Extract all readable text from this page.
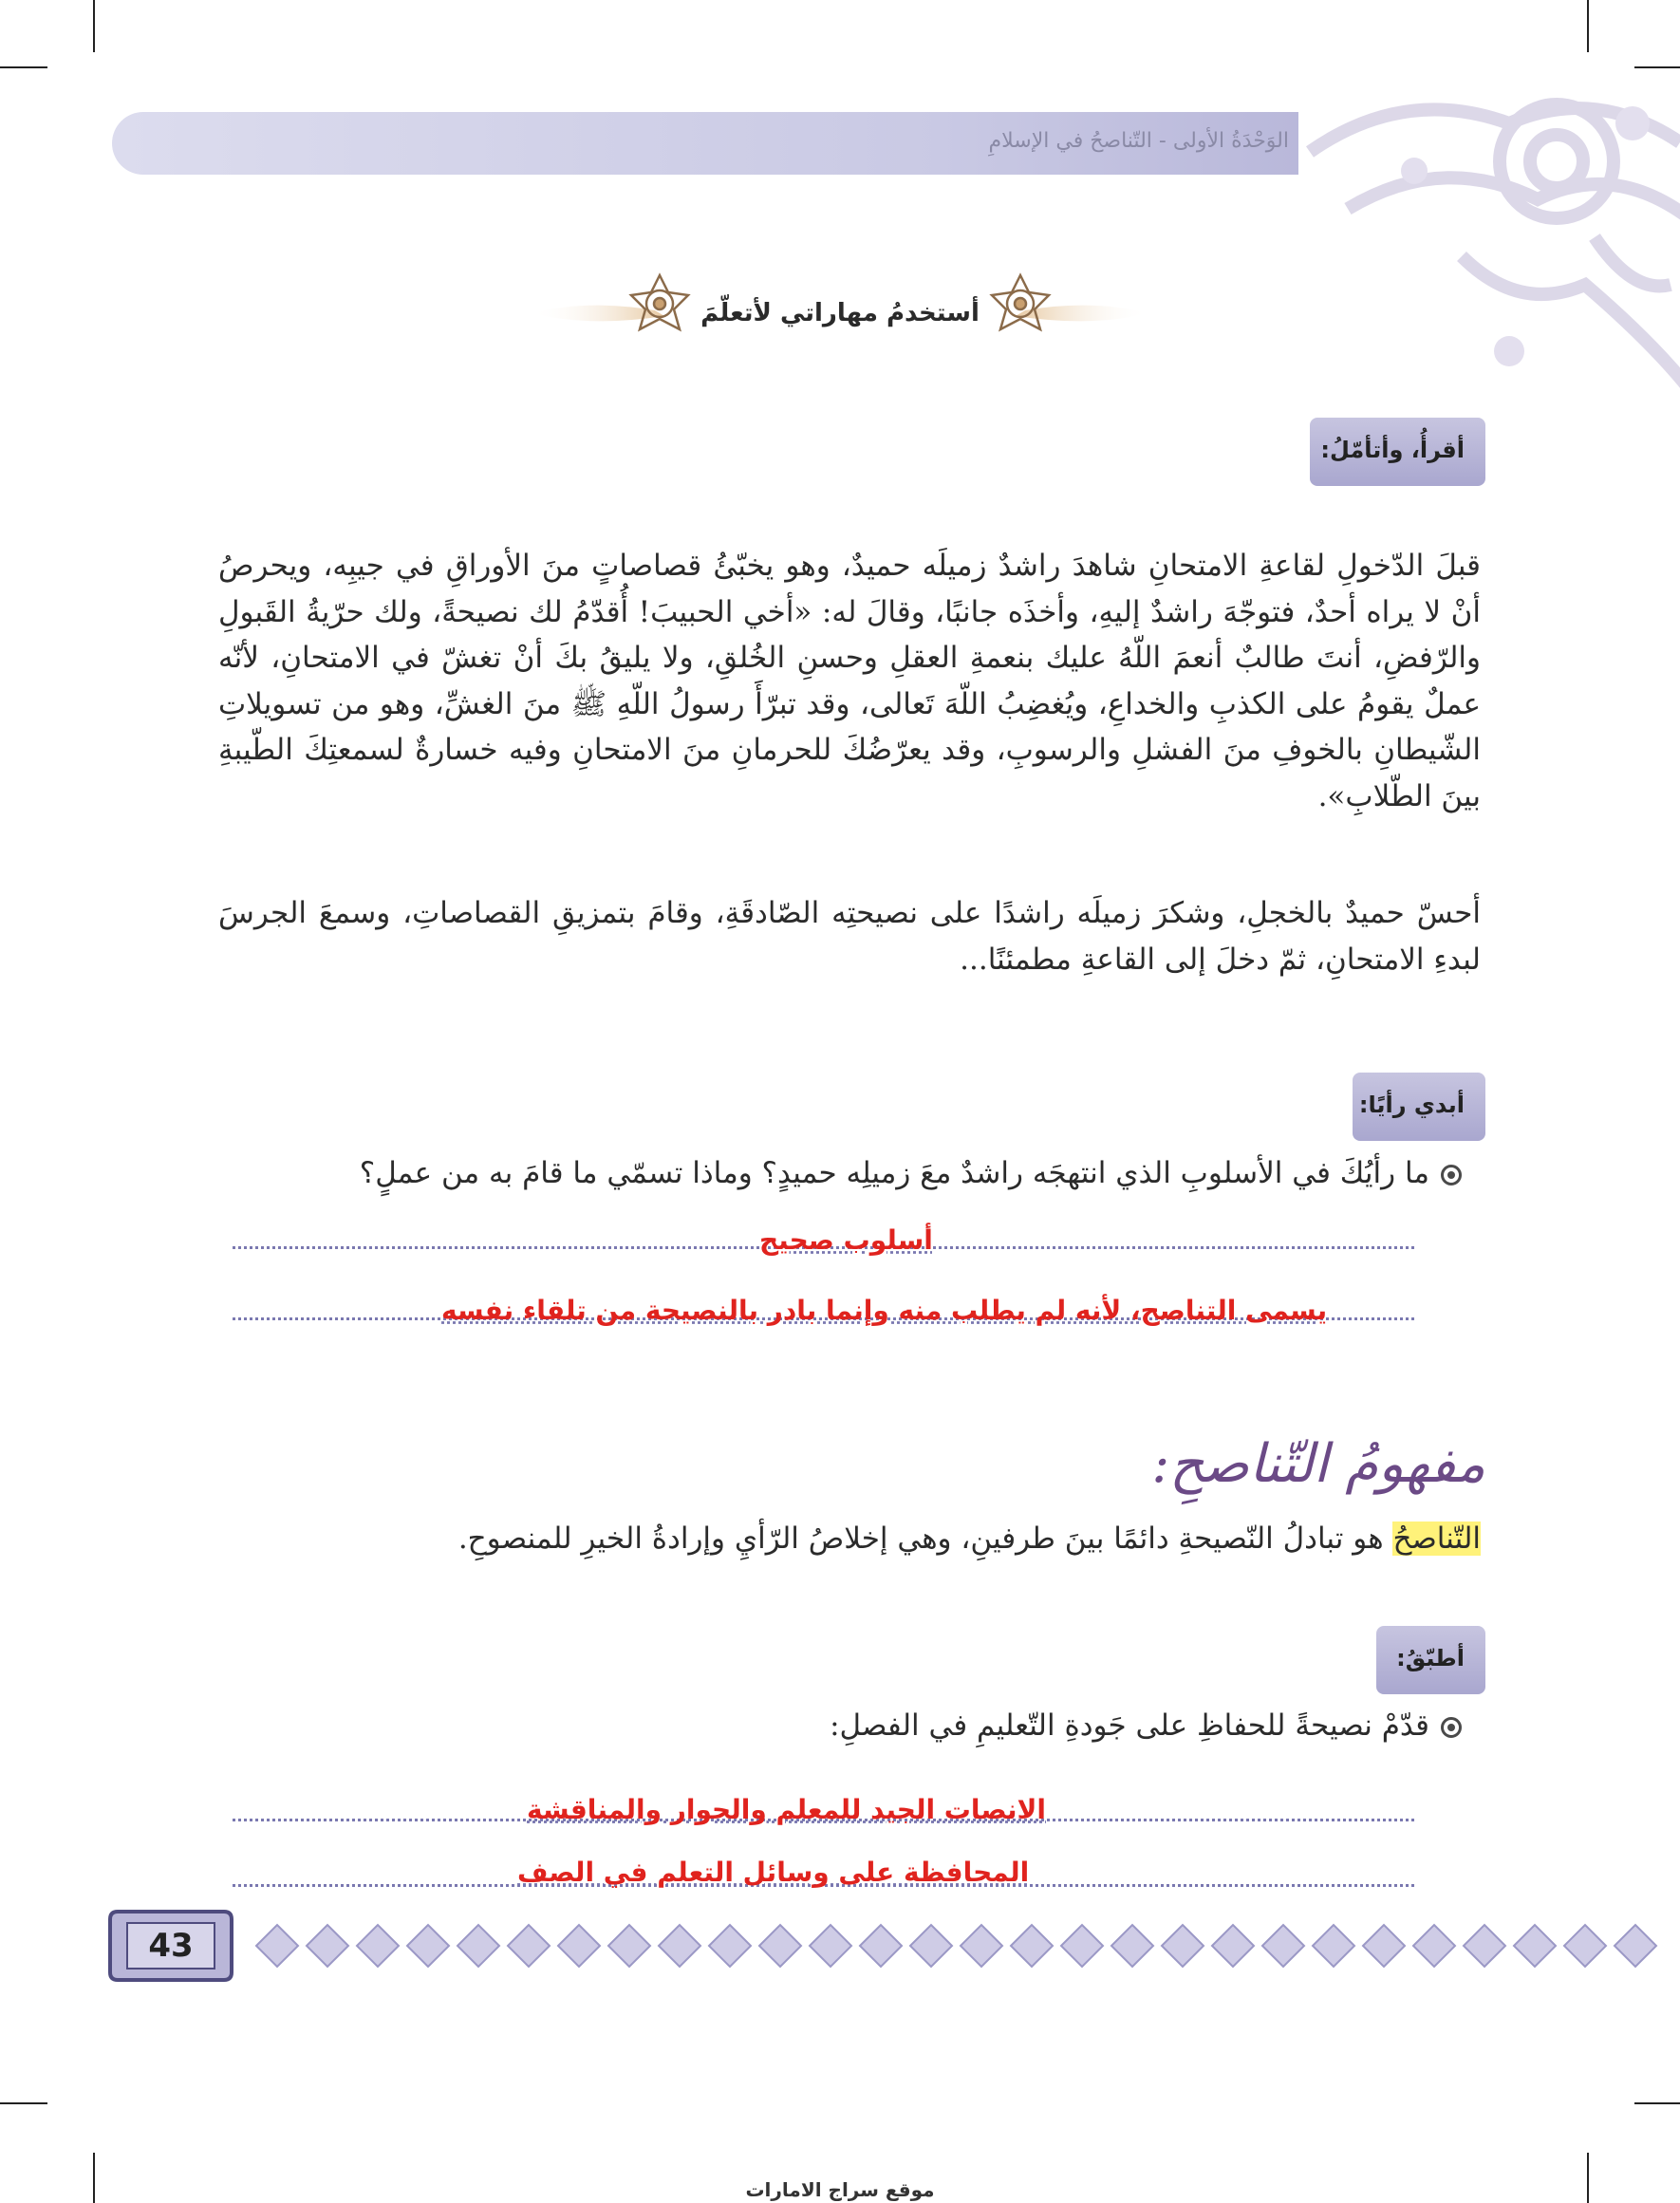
الوَحْدَةُ الأولى - التّناصحُ في الإسلامِ
أستخدمُ مهاراتي لأتعلّمَ
أقرأُ، وأتأمّلُ:
قبلَ الدّخولِ لقاعةِ الامتحانِ شاهدَ راشدٌ زميلَه حميدٌ، وهو يخبّئُ قصاصاتٍ منَ الأوراقِ في جيبِه، ويحرصُ أنْ لا يراه أحدٌ، فتوجّهَ راشدٌ إليهِ، وأخذَه جانبًا، وقالَ له: «أخي الحبيبَ! أُقدّمُ لك نصيحةً، ولك حرّيةُ القَبولِ والرّفضِ، أنتَ طالبٌ أنعمَ اللّهُ عليك بنعمةِ العقلِ وحسنِ الخُلقِ، ولا يليقُ بكَ أنْ تغشّ في الامتحانِ، لأنّه عملٌ يقومُ على الكذبِ والخداعِ، ويُغضِبُ اللّهَ تَعالى، وقد تبرّأَ رسولُ اللّهِ ﷺ منَ الغشِّ، وهو من تسويلاتِ الشّيطانِ بالخوفِ منَ الفشلِ والرسوبِ، وقد يعرّضُكَ للحرمانِ منَ الامتحانِ وفيه خسارةٌ لسمعتِكَ الطّيبةِ بينَ الطّلابِ».
أحسّ حميدٌ بالخجلِ، وشكرَ زميلَه راشدًا على نصيحتِه الصّادقَةِ، وقامَ بتمزيقِ القصاصاتِ، وسمعَ الجرسَ لبدءِ الامتحانِ، ثمّ دخلَ إلى القاعةِ مطمئنًا...
أبدي رأيًا:
ما رأيُكَ في الأسلوبِ الذي انتهجَه راشدٌ معَ زميلِه حميدٍ؟ وماذا تسمّي ما قامَ به من عملٍ؟
أسلوب صحيح
يسمى التناصح، لأنه لم يطلب منه وإنما بادر بالنصيحة من تلقاء نفسه
مفهومُ التّناصحِ:
التّناصحُ هو تبادلُ النّصيحةِ دائمًا بينَ طرفينِ، وهي إخلاصُ الرّأيِ وإرادةُ الخيرِ للمنصوحِ.
أطبّقُ:
قدّمْ نصيحةً للحفاظِ على جَودةِ التّعليمِ في الفصلِ:
الانصات الجيد للمعلم والحوار والمناقشة
المحافظة على وسائل التعلم في الصف
43
موقع سراج الامارات
